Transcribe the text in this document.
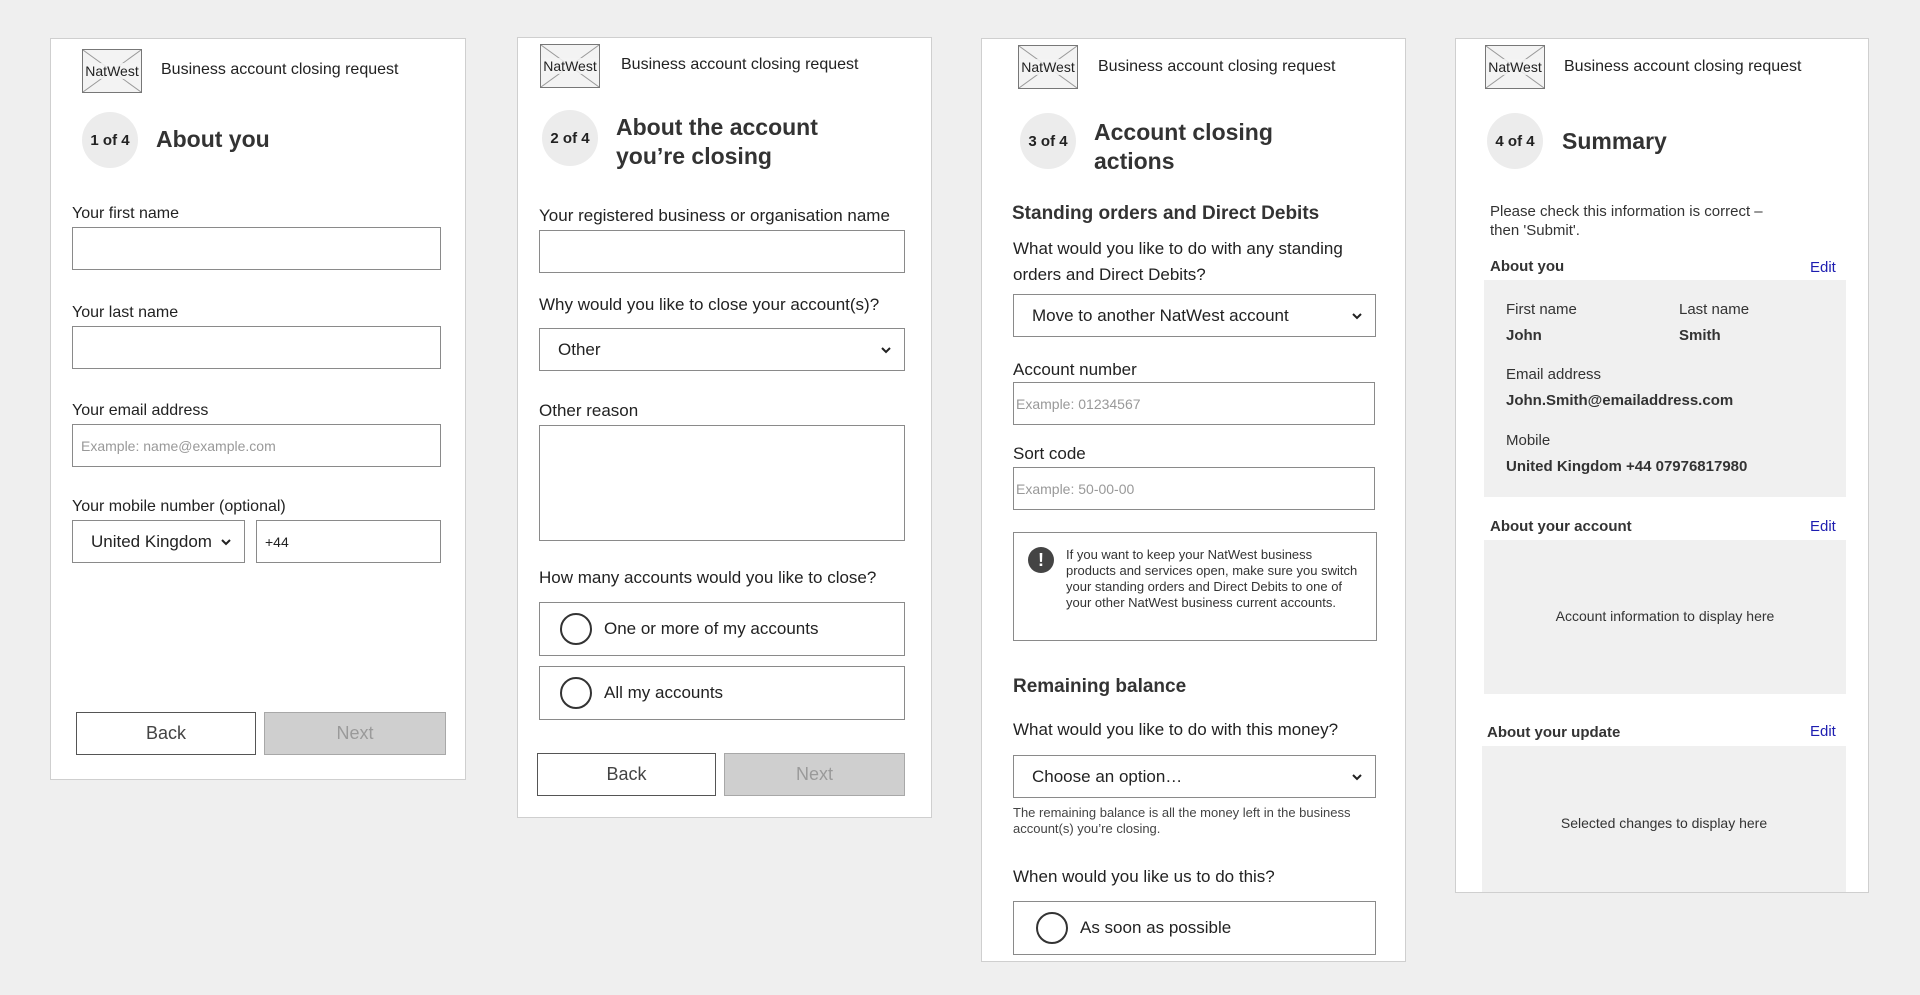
NatWest Business account closing request
1 of 4	About you
Your first name
Your last name
Your email address
Example: name@example.com
Your mobile number (optional)
United Kingdom	+44
Back	Next
NatWest Business account closing request
2 of 4	About the account
you’re closing
Your registered business or organisation name
Why would you like to close your account(s)?
Other
Other reason
How many accounts would you like to close?
One or more of my accounts
All my accounts
Back	Next
NatWest Business account closing request
3 of 4	Account closing
actions
Standing orders and Direct Debits
What would you like to do with any standing
orders and Direct Debits?
Move to another NatWest account
Account number
Example: 01234567
Sort code
Example: 50-00-00
!	If you want to keep your NatWest business products and services open, make sure you switch your standing orders and Direct Debits to one of your other NatWest business current accounts.
Remaining balance
What would you like to do with this money?
Choose an option…
The remaining balance is all the money left in the business account(s) you’re closing.
When would you like us to do this?
As soon as possible
NatWest Business account closing request
4 of 4	Summary
Please check this information is correct – then 'Submit'.
About you	Edit
First name
John
Last name
Smith
Email address
John.Smith@emailaddress.com
Mobile
United Kingdom +44 07976817980
About your account	Edit
Account information to display here
About your update	Edit
Selected changes to display here
